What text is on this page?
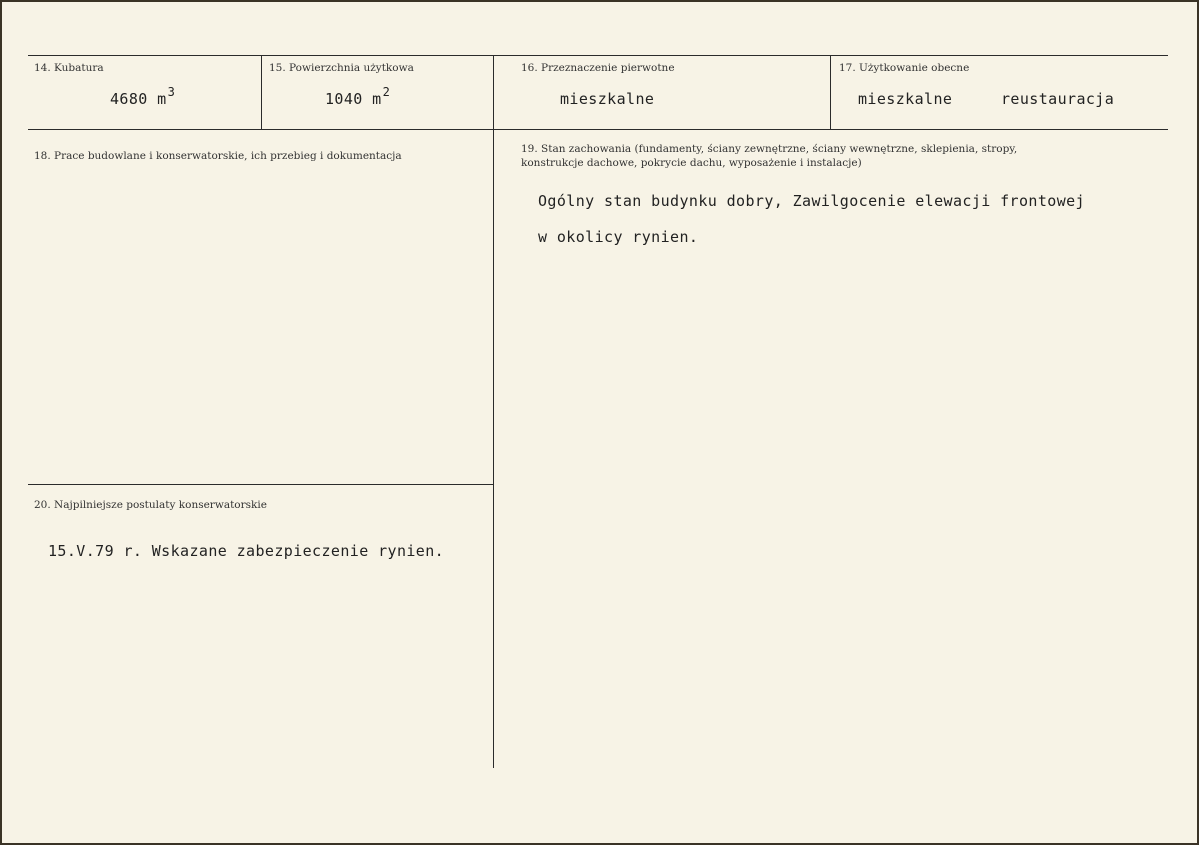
14. Kubatura
4680 $m^3$
15. Powierzchnia użytkowa
1040 $m^2$
16. Przeznaczenie pierwotne
mieszkalne
17. Użytkowanie obecne
mieszkalne	reustauracja
18. Prace budowlane i konserwatorskie, ich przebieg i dokumentacja
19. Stan zachowania (fundamenty, ściany zewnętrzne, ściany wewnętrzne, sklepienia, stropy,
konstrukcje dachowe, pokrycie dachu, wyposażenie i instalacje)
Ogólny stan budynku dobry, Zawilgocenie elewacji frontowej
w okolicy rynien.
20. Najpilniejsze postulaty konserwatorskie
15.V.79 r. Wskazane zabezpieczenie rynien.
